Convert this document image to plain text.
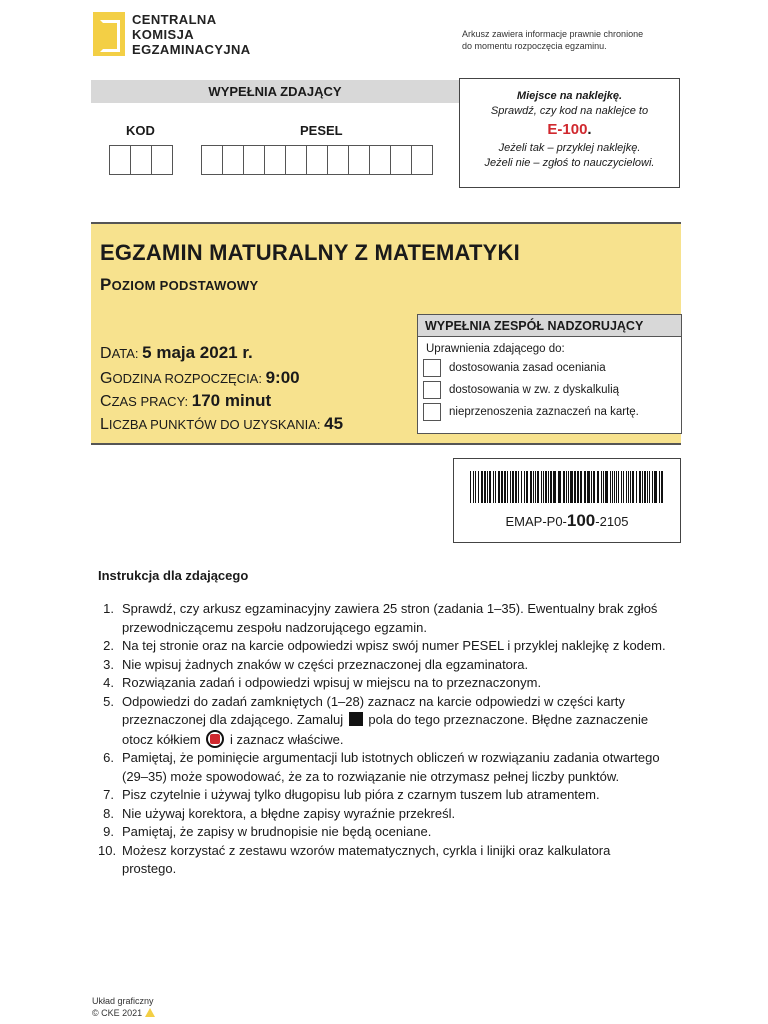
CENTRALNA
KOMISJA
EGZAMINACYJNA
Arkusz zawiera informacje prawnie chronione
do momentu rozpoczęcia egzaminu.
WYPEŁNIA ZDAJĄCY
KOD	PESEL
Miejsce na naklejkę.
Sprawdź, czy kod na naklejce to
E-100.
Jeżeli tak – przyklej naklejkę.
Jeżeli nie – zgłoś to nauczycielowi.
EGZAMIN MATURALNY Z MATEMATYKI
POZIOM PODSTAWOWY
DATA: 5 maja 2021 r.
GODZINA ROZPOCZĘCIA: 9:00
CZAS PRACY: 170 minut
LICZBA PUNKTÓW DO UZYSKANIA: 45
WYPEŁNIA ZESPÓŁ NADZORUJĄCY
Uprawnienia zdającego do:
dostosowania zasad oceniania
dostosowania w zw. z dyskalkulią
nieprzenoszenia zaznaczeń na kartę.
EMAP-P0-100-2105
Instrukcja dla zdającego
1. Sprawdź, czy arkusz egzaminacyjny zawiera 25 stron (zadania 1–35). Ewentualny brak zgłoś przewodniczącemu zespołu nadzorującego egzamin.
2. Na tej stronie oraz na karcie odpowiedzi wpisz swój numer PESEL i przyklej naklejkę z kodem.
3. Nie wpisuj żadnych znaków w części przeznaczonej dla egzaminatora.
4. Rozwiązania zadań i odpowiedzi wpisuj w miejscu na to przeznaczonym.
5. Odpowiedzi do zadań zamkniętych (1–28) zaznacz na karcie odpowiedzi w części karty przeznaczonej dla zdającego. Zamaluj pola do tego przeznaczone. Błędne zaznaczenie otocz kółkiem i zaznacz właściwe.
6. Pamiętaj, że pominięcie argumentacji lub istotnych obliczeń w rozwiązaniu zadania otwartego (29–35) może spowodować, że za to rozwiązanie nie otrzymasz pełnej liczby punktów.
7. Pisz czytelnie i używaj tylko długopisu lub pióra z czarnym tuszem lub atramentem.
8. Nie używaj korektora, a błędne zapisy wyraźnie przekreśl.
9. Pamiętaj, że zapisy w brudnopisie nie będą oceniane.
10. Możesz korzystać z zestawu wzorów matematycznych, cyrkla i linijki oraz kalkulatora prostego.
Układ graficzny
© CKE 2021
